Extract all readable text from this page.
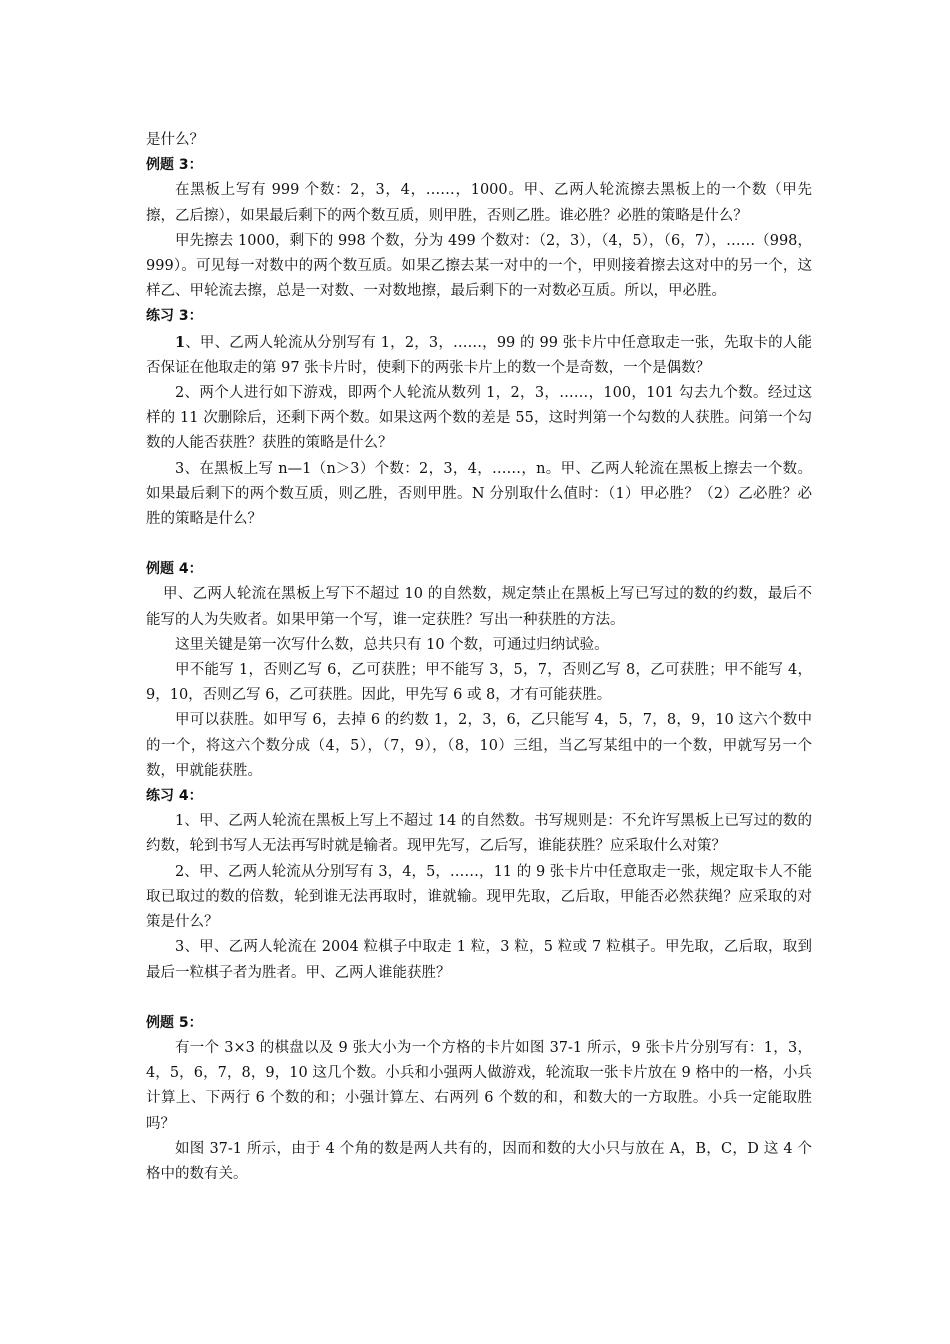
是什么？

例题 3：

在黑板上写有 999 个数：2，3，4，……，1000。甲、乙两人轮流擦去黑板上的一个数（甲先擦，乙后擦），如果最后剩下的两个数互质，则甲胜，否则乙胜。谁必胜？必胜的策略是什么？

甲先擦去 1000，剩下的 998 个数，分为 499 个数对：（2，3），（4，5），（6，7），……（998，999）。可见每一对数中的两个数互质。如果乙擦去某一对中的一个，甲则接着擦去这对中的另一个，这样乙、甲轮流去擦，总是一对数、一对数地擦，最后剩下的一对数必互质。所以，甲必胜。

练习 3：

1、甲、乙两人轮流从分别写有 1，2，3，……，99 的 99 张卡片中任意取走一张，先取卡的人能否保证在他取走的第 97 张卡片时，使剩下的两张卡片上的数一个是奇数，一个是偶数？

2、两个人进行如下游戏，即两个人轮流从数列 1，2，3，……，100，101 勾去九个数。经过这样的 11 次删除后，还剩下两个数。如果这两个数的差是 55，这时判第一个勾数的人获胜。问第一个勾数的人能否获胜？获胜的策略是什么？

3、在黑板上写 n—1（n＞3）个数：2，3，4，……，n。甲、乙两人轮流在黑板上擦去一个数。如果最后剩下的两个数互质，则乙胜，否则甲胜。N 分别取什么值时：（1）甲必胜？（2）乙必胜？必胜的策略是什么？

例题 4：

甲、乙两人轮流在黑板上写下不超过 10 的自然数，规定禁止在黑板上写已写过的数的约数，最后不能写的人为失败者。如果甲第一个写，谁一定获胜？写出一种获胜的方法。

这里关键是第一次写什么数，总共只有 10 个数，可通过归纳试验。

甲不能写 1，否则乙写 6，乙可获胜；甲不能写 3，5，7，否则乙写 8，乙可获胜；甲不能写 4，9，10，否则乙写 6，乙可获胜。因此，甲先写 6 或 8，才有可能获胜。

甲可以获胜。如甲写 6，去掉 6 的约数 1，2，3，6，乙只能写 4，5，7，8，9，10 这六个数中的一个，将这六个数分成（4，5），（7，9），（8，10）三组，当乙写某组中的一个数，甲就写另一个数，甲就能获胜。

练习 4：

1、甲、乙两人轮流在黑板上写上不超过 14 的自然数。书写规则是：不允许写黑板上已写过的数的约数，轮到书写人无法再写时就是输者。现甲先写，乙后写，谁能获胜？应采取什么对策？

2、甲、乙两人轮流从分别写有 3，4，5，……，11 的 9 张卡片中任意取走一张，规定取卡人不能取已取过的数的倍数，轮到谁无法再取时，谁就输。现甲先取，乙后取，甲能否必然获绳？应采取的对策是什么？

3、甲、乙两人轮流在 2004 粒棋子中取走 1 粒，3 粒，5 粒或 7 粒棋子。甲先取，乙后取，取到最后一粒棋子者为胜者。甲、乙两人谁能获胜？

例题 5：

有一个 3×3 的棋盘以及 9 张大小为一个方格的卡片如图 37-1 所示，9 张卡片分别写有：1，3，4，5，6，7，8，9，10 这几个数。小兵和小强两人做游戏，轮流取一张卡片放在 9 格中的一格，小兵计算上、下两行 6 个数的和；小强计算左、右两列 6 个数的和，和数大的一方取胜。小兵一定能取胜吗？

如图 37-1 所示，由于 4 个角的数是两人共有的，因而和数的大小只与放在 A，B，C，D 这 4 个格中的数有关。
